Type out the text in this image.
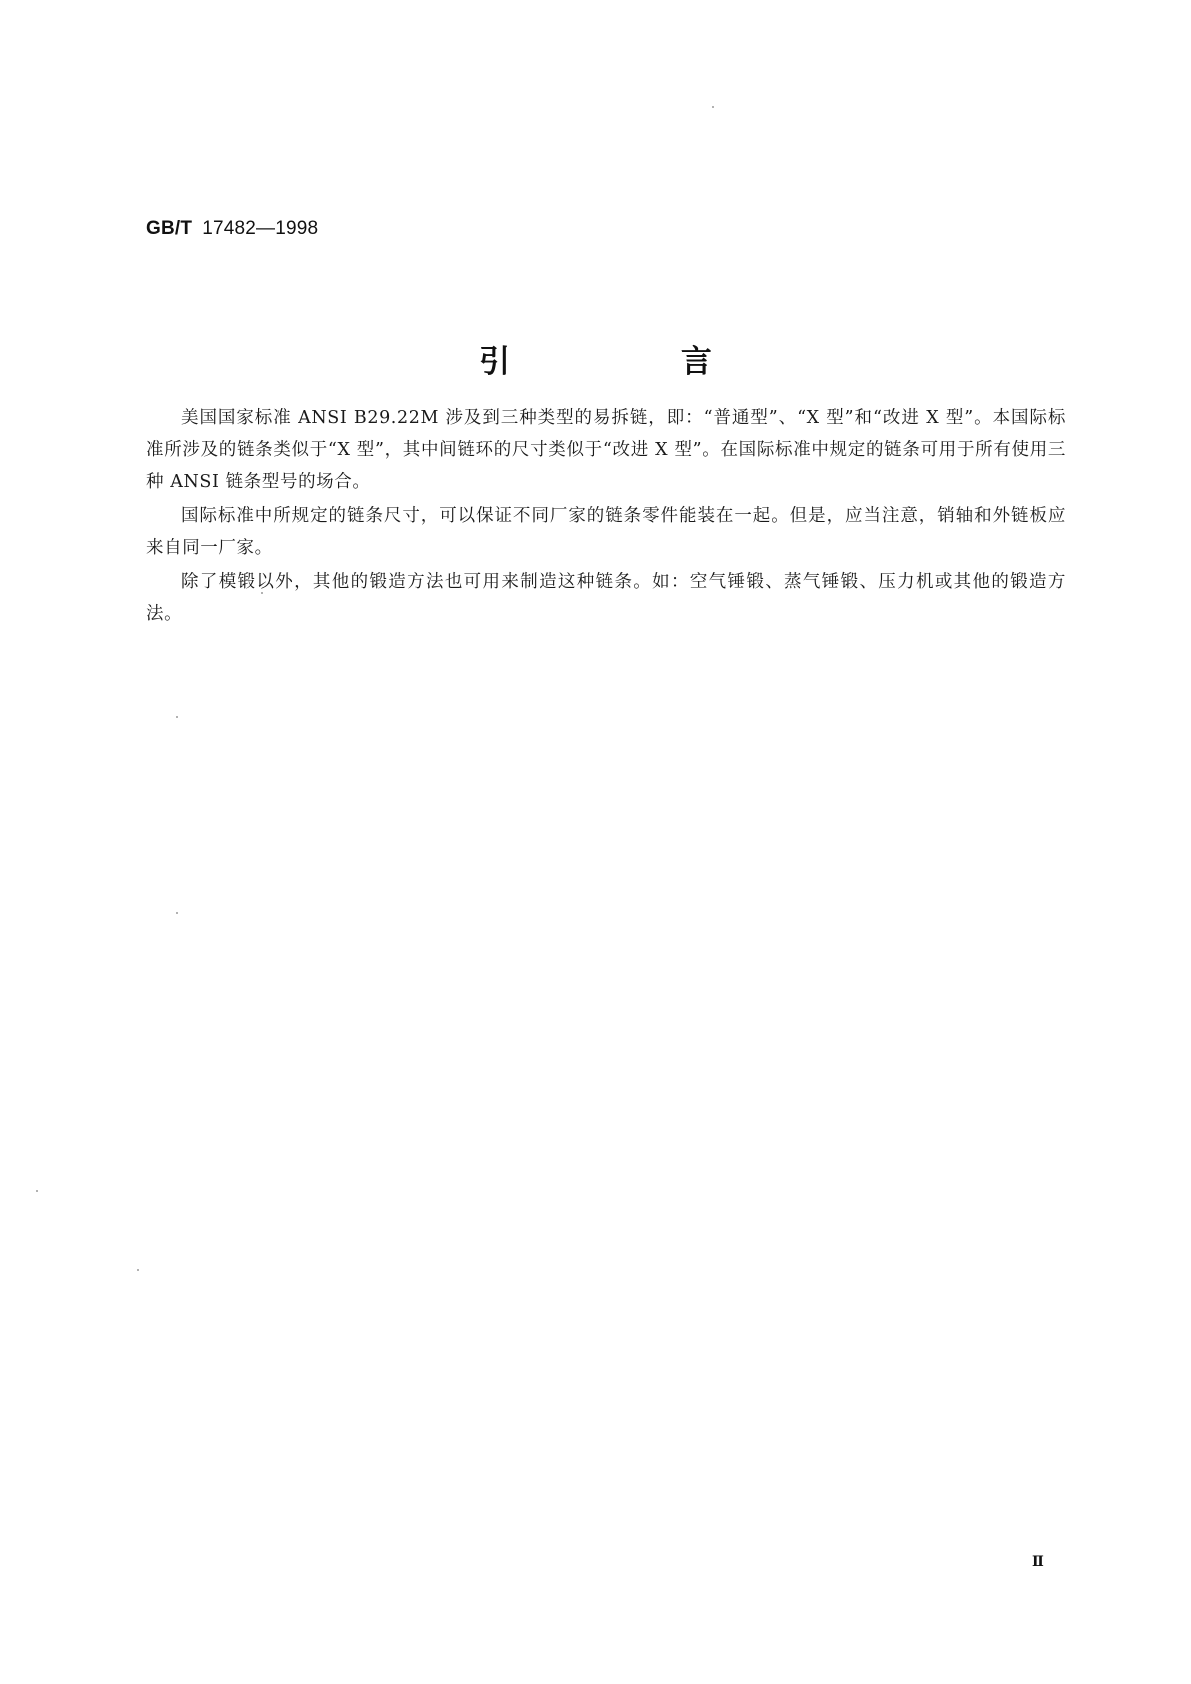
GB/T 17482—1998
引 言

美国国家标准 ANSI B29.22M 涉及到三种类型的易拆链，即：“普通型”、“X 型”和“改进 X 型”。本国际标准所涉及的链条类似于“X 型”，其中间链环的尺寸类似于“改进 X 型”。在国际标准中规定的链条可用于所有使用三种 ANSI 链条型号的场合。

国际标准中所规定的链条尺寸，可以保证不同厂家的链条零件能装在一起。但是，应当注意，销轴和外链板应来自同一厂家。

除了模锻以外，其他的锻造方法也可用来制造这种链条。如：空气锤锻、蒸气锤锻、压力机或其他的锻造方法。

Ⅱ
